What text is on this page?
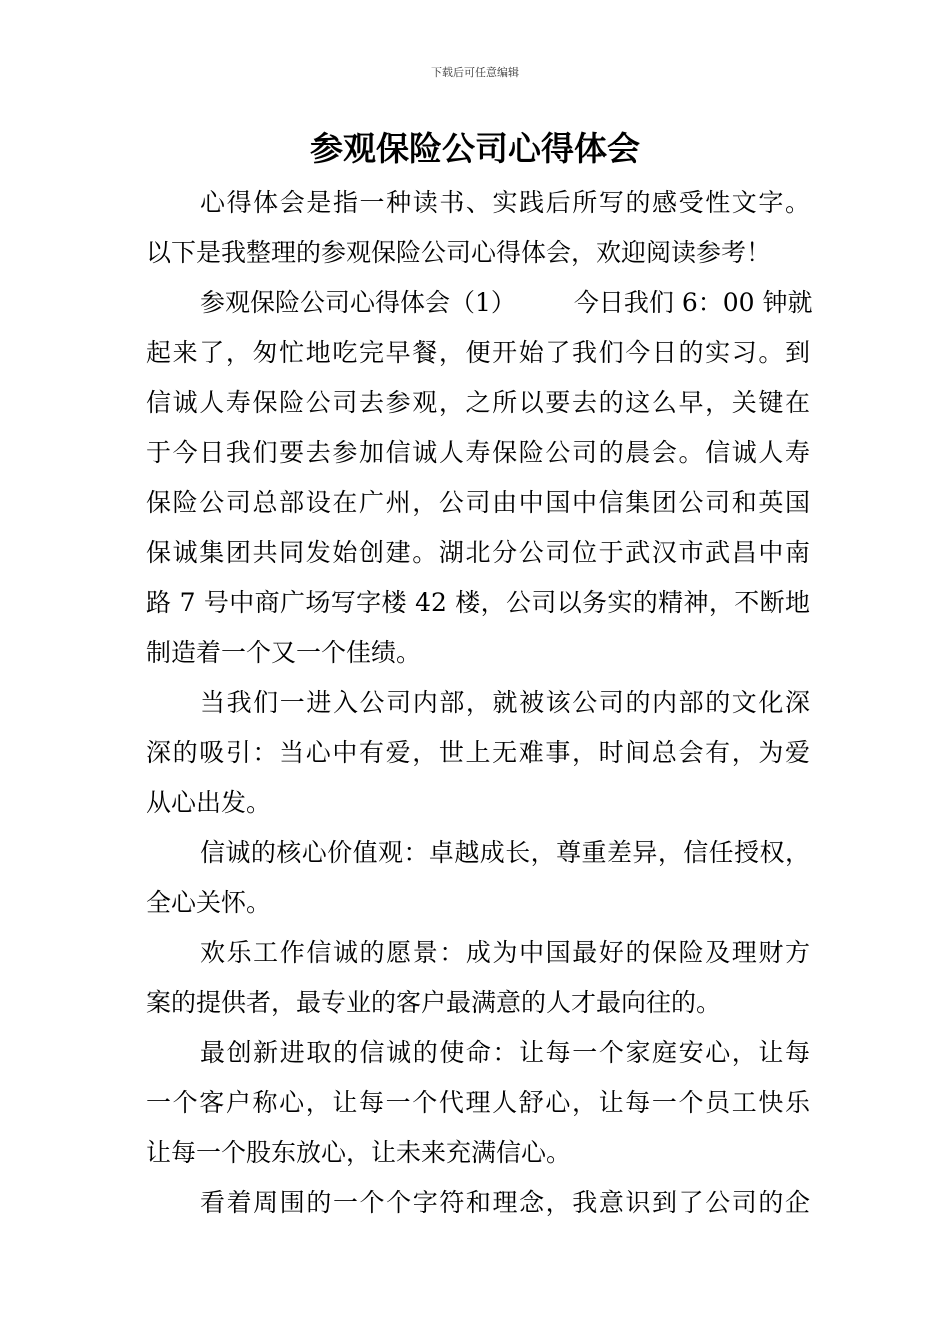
下载后可任意编辑
参观保险公司心得体会
心得体会是指一种读书、实践后所写的感受性文字。
以下是我整理的参观保险公司心得体会，欢迎阅读参考！
参观保险公司心得体会（1） 今日我们 6：00 钟就
起来了，匆忙地吃完早餐，便开始了我们今日的实习。到
信诚人寿保险公司去参观，之所以要去的这么早，关键在
于今日我们要去参加信诚人寿保险公司的晨会。信诚人寿
保险公司总部设在广州，公司由中国中信集团公司和英国
保诚集团共同发始创建。湖北分公司位于武汉市武昌中南
路 7 号中商广场写字楼 42 楼，公司以务实的精神，不断地
制造着一个又一个佳绩。
当我们一进入公司内部，就被该公司的内部的文化深
深的吸引：当心中有爱，世上无难事，时间总会有，为爱
从心出发。
信诚的核心价值观：卓越成长，尊重差异，信任授权，
全心关怀。
欢乐工作信诚的愿景：成为中国最好的保险及理财方
案的提供者，最专业的客户最满意的人才最向往的。
最创新进取的信诚的使命：让每一个家庭安心，让每
一个客户称心，让每一个代理人舒心，让每一个员工快乐
让每一个股东放心，让未来充满信心。
看着周围的一个个字符和理念，我意识到了公司的企
